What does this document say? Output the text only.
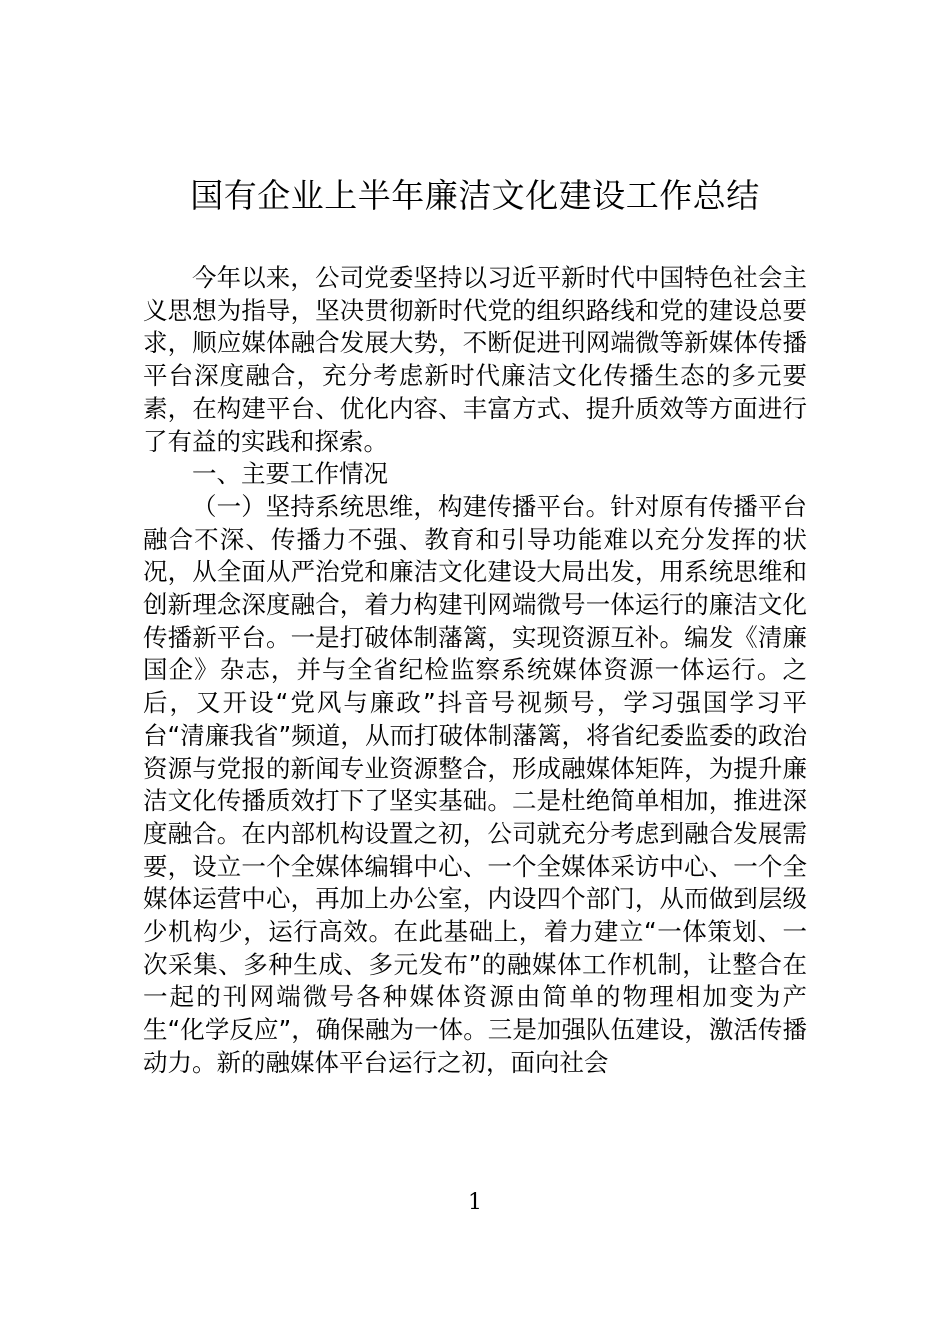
国有企业上半年廉洁文化建设工作总结

今年以来，公司党委坚持以习近平新时代中国特色社会主义思想为指导，坚决贯彻新时代党的组织路线和党的建设总要求，顺应媒体融合发展大势，不断促进刊网端微等新媒体传播平台深度融合，充分考虑新时代廉洁文化传播生态的多元要素，在构建平台、优化内容、丰富方式、提升质效等方面进行了有益的实践和探索。

一、主要工作情况

（一）坚持系统思维，构建传播平台。针对原有传播平台融合不深、传播力不强、教育和引导功能难以充分发挥的状况，从全面从严治党和廉洁文化建设大局出发，用系统思维和创新理念深度融合，着力构建刊网端微号一体运行的廉洁文化传播新平台。一是打破体制藩篱，实现资源互补。编发《清廉国企》杂志，并与全省纪检监察系统媒体资源一体运行。之后，又开设“党风与廉政”抖音号视频号，学习强国学习平台“清廉我省”频道，从而打破体制藩篱，将省纪委监委的政治资源与党报的新闻专业资源整合，形成融媒体矩阵，为提升廉洁文化传播质效打下了坚实基础。二是杜绝简单相加，推进深度融合。在内部机构设置之初，公司就充分考虑到融合发展需要，设立一个全媒体编辑中心、一个全媒体采访中心、一个全媒体运营中心，再加上办公室，内设四个部门，从而做到层级少机构少，运行高效。在此基础上，着力建立“一体策划、一次采集、多种生成、多元发布”的融媒体工作机制，让整合在一起的刊网端微号各种媒体资源由简单的物理相加变为产生“化学反应”，确保融为一体。三是加强队伍建设，激活传播动力。新的融媒体平台运行之初，面向社会

1
